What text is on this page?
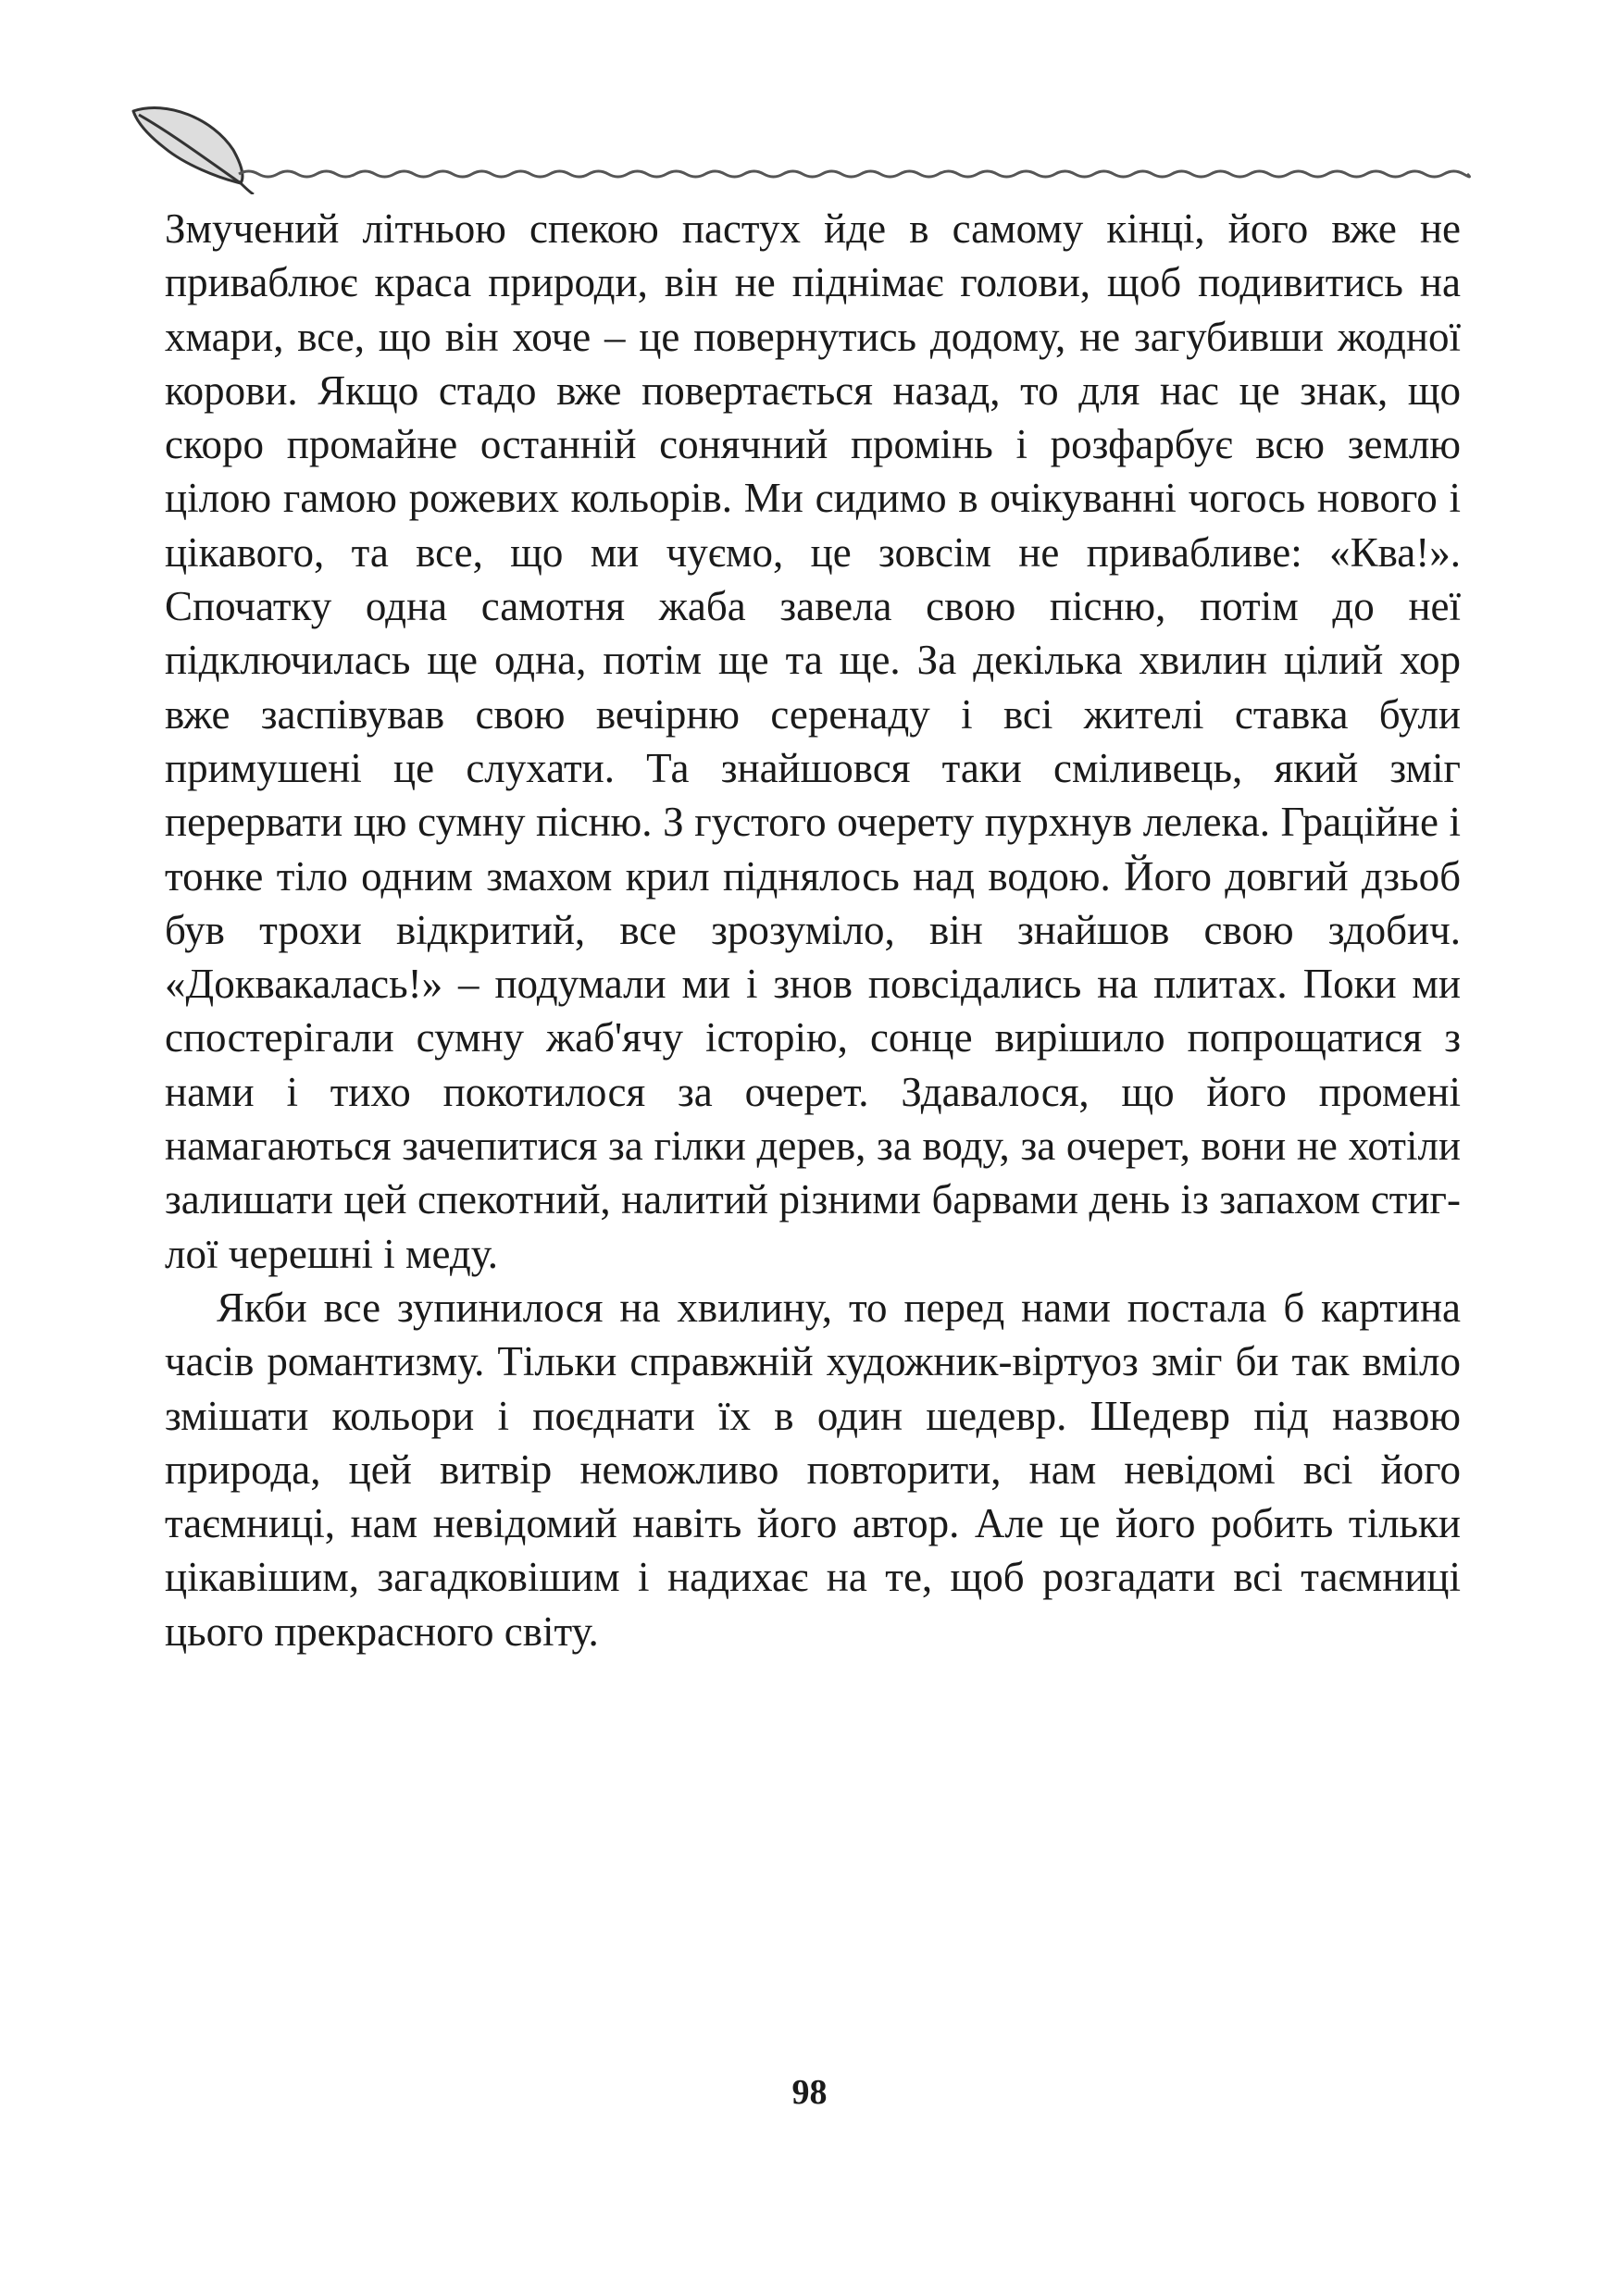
Змучений літньою спекою пастух йде в самому кінці, його вже не приваблює краса природи, він не піднімає голови, щоб подивитись на хмари, все, що він хоче – це повернутись додому, не загубивши жодної корови. Якщо стадо вже повертається назад, то для нас це знак, що скоро промайне останній сонячний промінь і розфарбує всю землю цілою гамою рожевих кольорів. Ми сидимо в очікуванні чогось нового і цікавого, та все, що ми чуємо, це зовсім не привабливе: «Ква!». Спочатку одна самотня жаба завела свою пісню, потім до неї підключилась ще одна, потім ще та ще. За декілька хвилин цілий хор вже заспівував свою вечірню серенаду і всі жителі ставка були примушені це слухати. Та знайшовся таки сміливець, який зміг перервати цю сумну пісню. З густого очерету пурхнув лелека. Граційне і тонке тіло одним змахом крил піднялось над водою. Його довгий дзьоб був трохи відкритий, все зрозуміло, він знайшов свою здобич. «Доквакалась!» – подумали ми і знов повсідались на плитах. Поки ми спостерігали сумну жаб'ячу історію, сонце вирішило попрощатися з нами і тихо покотилося за очерет. Здавалося, що його промені намагаються зачепитися за гілки дерев, за воду, за очерет, вони не хотіли залишати цей спекотний, налитий різними барвами день із запахом стиглої черешні і меду.

Якби все зупинилося на хвилину, то перед нами постала б картина часів романтизму. Тільки справжній художник-віртуоз зміг би так вміло змішати кольори і поєднати їх в один шедевр. Шедевр під назвою природа, цей витвір неможливо повторити, нам невідомі всі його таємниці, нам невідомий навіть його автор. Але це його робить тільки цікавішим, загадковішим і надихає на те, щоб розгадати всі таємниці цього прекрасного світу.

98
